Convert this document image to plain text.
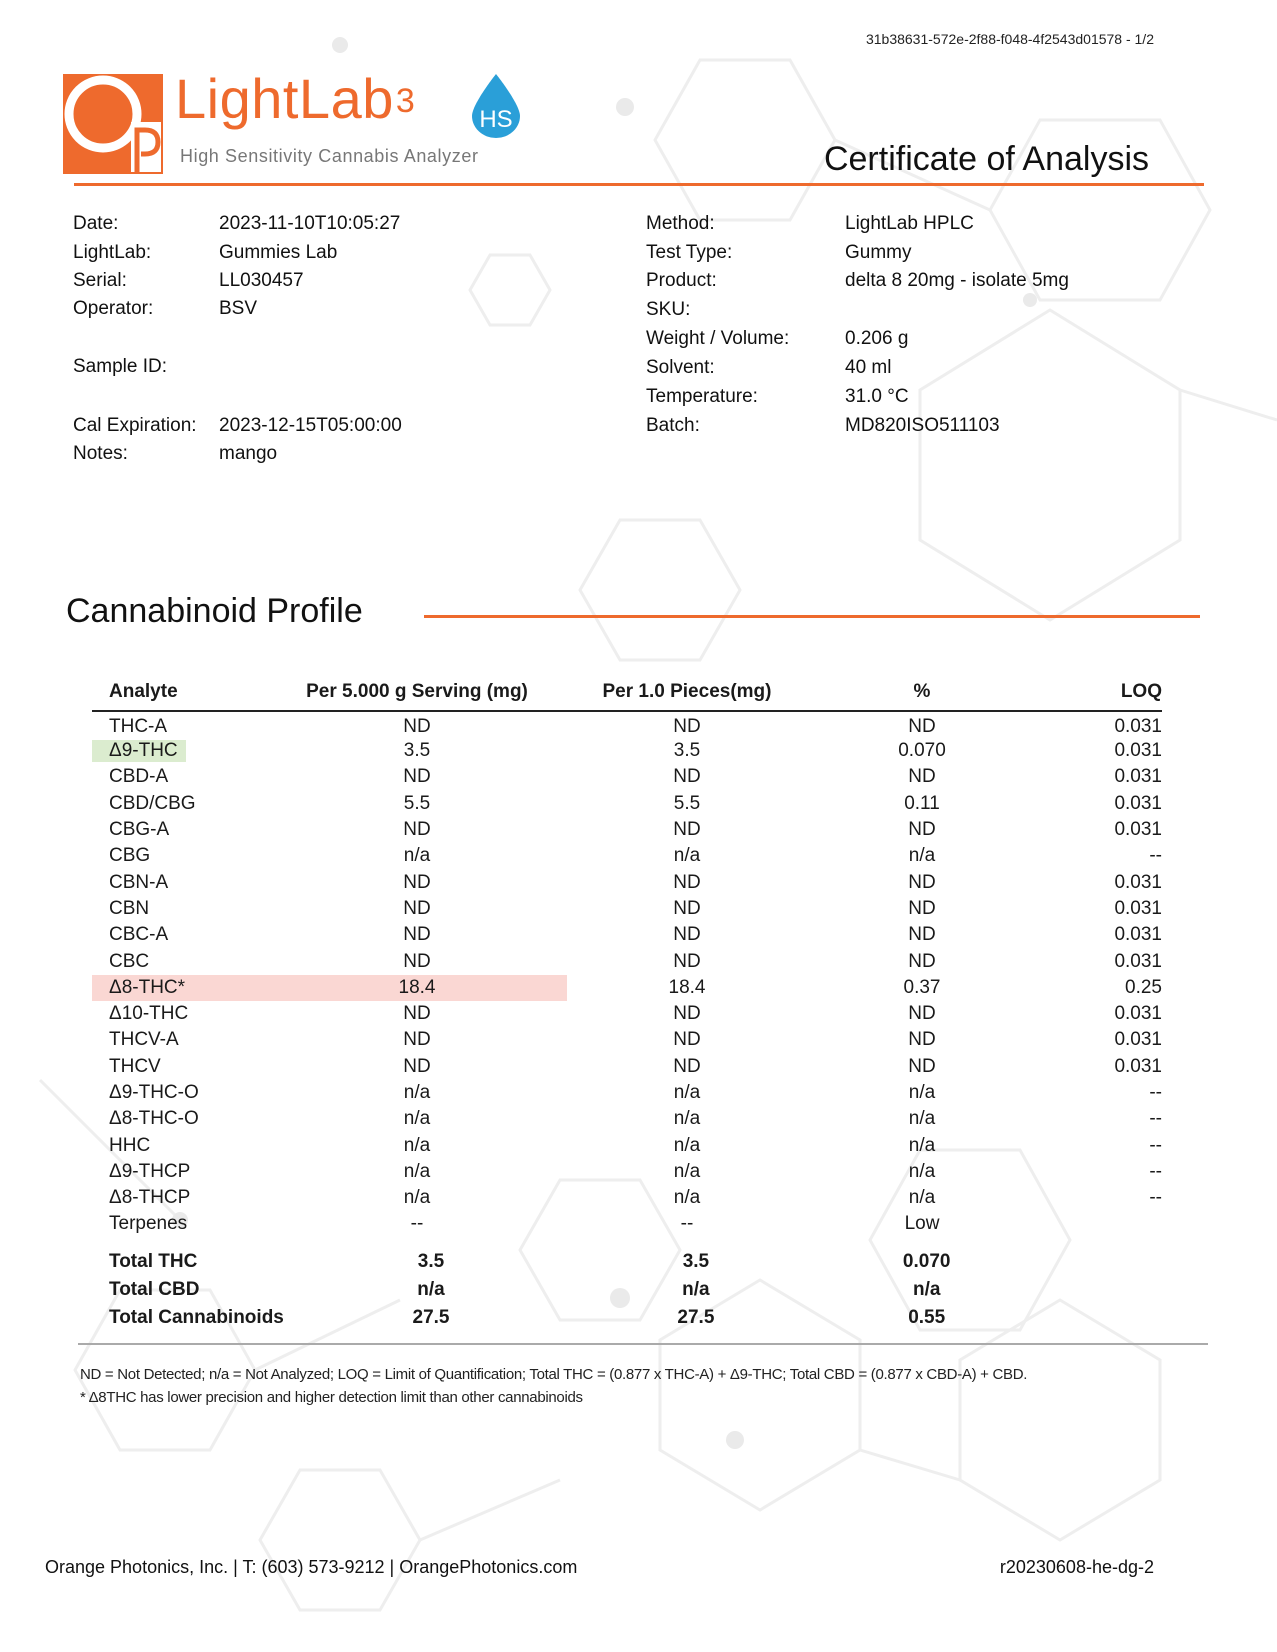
31b38631-572e-2f88-f048-4f2543d01578 - 1/2
LightLab3	HS
High Sensitivity Cannabis Analyzer	Certificate of Analysis
Date:	2023-11-10T10:05:27
LightLab:	Gummies Lab
Serial:	LL030457
Operator:	BSV
Sample ID:
Cal Expiration: 2023-12-15T05:00:00
Notes:	mango
Method:	LightLab HPLC
Test Type:	Gummy
Product:	delta 8 20mg - isolate 5mg
SKU:
Weight / Volume:	0.206 g
Solvent:	40 ml
Temperature:	31.0 °C
Batch:	MD820ISO511103
Cannabinoid Profile
Analyte	Per 5.000 g Serving (mg)	Per 1.0 Pieces(mg)	%	LOQ
THC-A	ND	ND	ND	0.031
Δ9-THC	3.5	3.5	0.070	0.031
CBD-A	ND	ND	ND	0.031
CBD/CBG	5.5	5.5	0.11	0.031
CBG-A	ND	ND	ND	0.031
CBG	n/a	n/a	n/a	--
CBN-A	ND	ND	ND	0.031
CBN	ND	ND	ND	0.031
CBC-A	ND	ND	ND	0.031
CBC	ND	ND	ND	0.031
Δ8-THC*	18.4	18.4	0.37	0.25
Δ10-THC	ND	ND	ND	0.031
THCV-A	ND	ND	ND	0.031
THCV	ND	ND	ND	0.031
Δ9-THC-O	n/a	n/a	n/a	--
Δ8-THC-O	n/a	n/a	n/a	--
HHC	n/a	n/a	n/a	--
Δ9-THCP	n/a	n/a	n/a	--
Δ8-THCP	n/a	n/a	n/a	--
Terpenes	--	--	Low	
Total THC	3.5	3.5	0.070	
Total CBD	n/a	n/a	n/a	
Total Cannabinoids	27.5	27.5	0.55	
ND = Not Detected; n/a = Not Analyzed; LOQ = Limit of Quantification; Total THC = (0.877 x THC-A) + Δ9-THC; Total CBD = (0.877 x CBD-A) + CBD.
* Δ8THC has lower precision and higher detection limit than other cannabinoids
Orange Photonics, Inc. | T: (603) 573-9212 | OrangePhotonics.com	r20230608-he-dg-2
